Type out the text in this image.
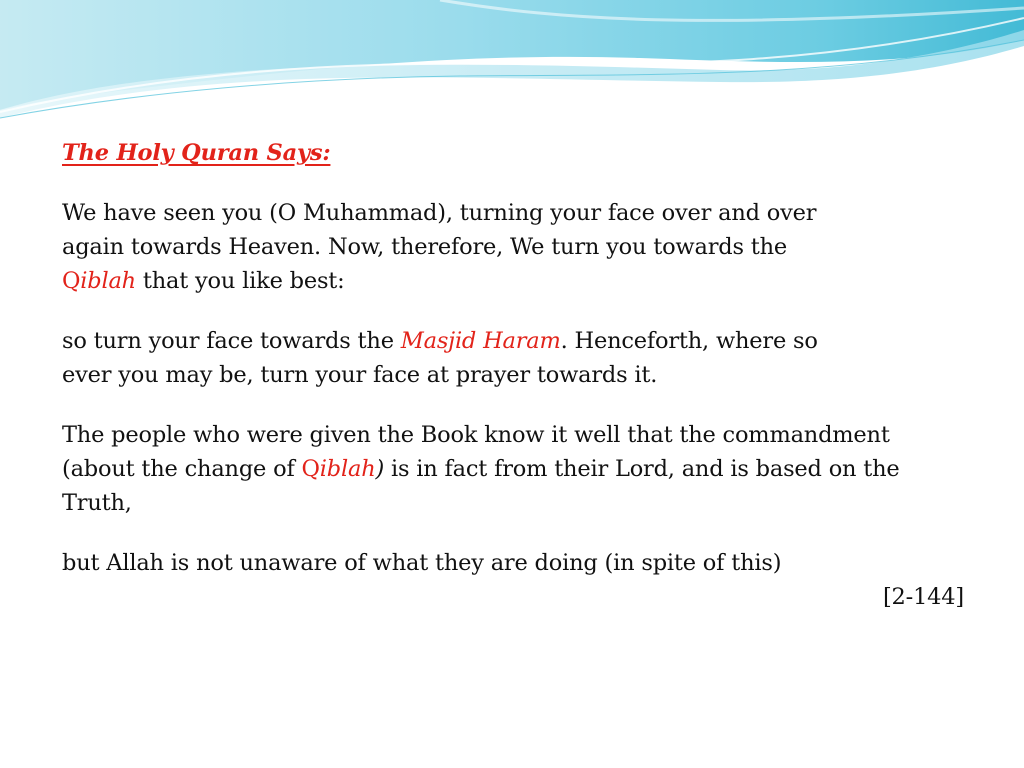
The Holy Quran Says:
We have seen you (O Muhammad), turning your face over and over
again towards Heaven. Now, therefore, We turn you towards the
Qiblah that you like best:
so turn your face towards the Masjid Haram. Henceforth, where so
ever you may be, turn your face at prayer towards it.
The people who were given the Book know it well that the commandment
(about the change of Qiblah) is in fact from their Lord, and is based on the
Truth,
but Allah is not unaware of what they are doing (in spite of this)
[2-144]
